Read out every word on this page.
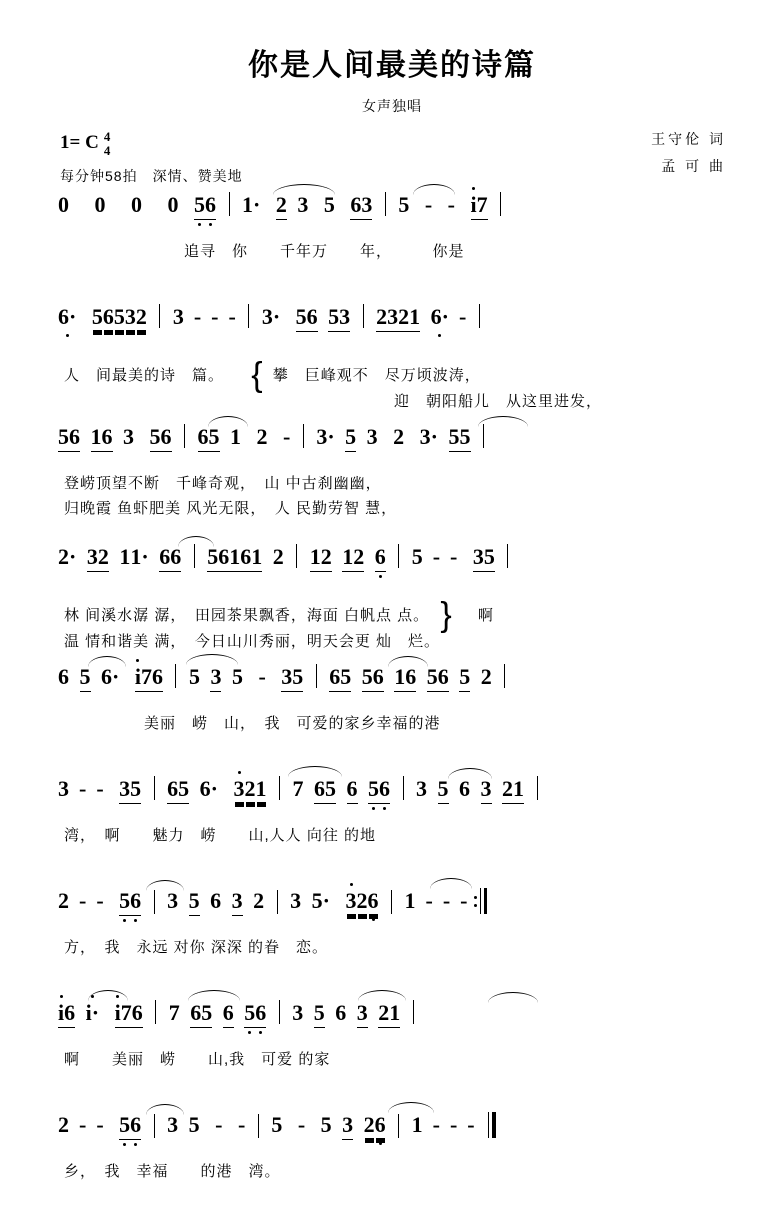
你是人间最美的诗篇
女声独唱
1= C 4
4
每分钟58拍　深情、赞美地
王守伦 词
孟 可 曲
0 0 0 0 56 1· 2 3 5 63 5 - - i7
追寻　你　　千年万　　年，　　　你是
6· 56532 3 - - - 3· 56 53 2321 6· -
人　间最美的诗　篇。 { 攀　巨峰观不　尽万顷波涛，
迎　朝阳船儿　从这里进发，
56 16 3 56 65 1 2 - 3· 5 3 2 3· 55
登崂顶望不断　千峰奇观，　山 中古刹幽幽，
归晚霞 鱼虾肥美 风光无限，　人 民勤劳智 慧，
2· 32 11· 66 56161 2 12 12 6 5 - - 35
林 间溪水潺 潺，　田园茶果飘香，海面 白帆点 点。 } 啊
温 情和谐美 满，　今日山川秀丽，明天会更 灿　烂。
6 5 6· i76 5 3 5 - 35 65 56 16 56 5 2
美丽　崂　山，　我　可爱的家乡幸福的港
3 - - 35 65 6· 321 7 65 6 56 3 5 6 3 21
湾，　啊　　魅力　崂　　山,人人 向往 的地
2 - - 56 3 5 6 3 2 3 5· 326 1 - - -
方，　我　永远 对你 深深 的眷　恋。
i6 i· i76 7 65 6 56 3 5 6 3 21
啊　　美丽　崂　　山,我　可爱 的家
2 - - 56 3 5 - - 5 - 5 3 26 1 - - -
乡，　我　幸福　　的港　湾。
